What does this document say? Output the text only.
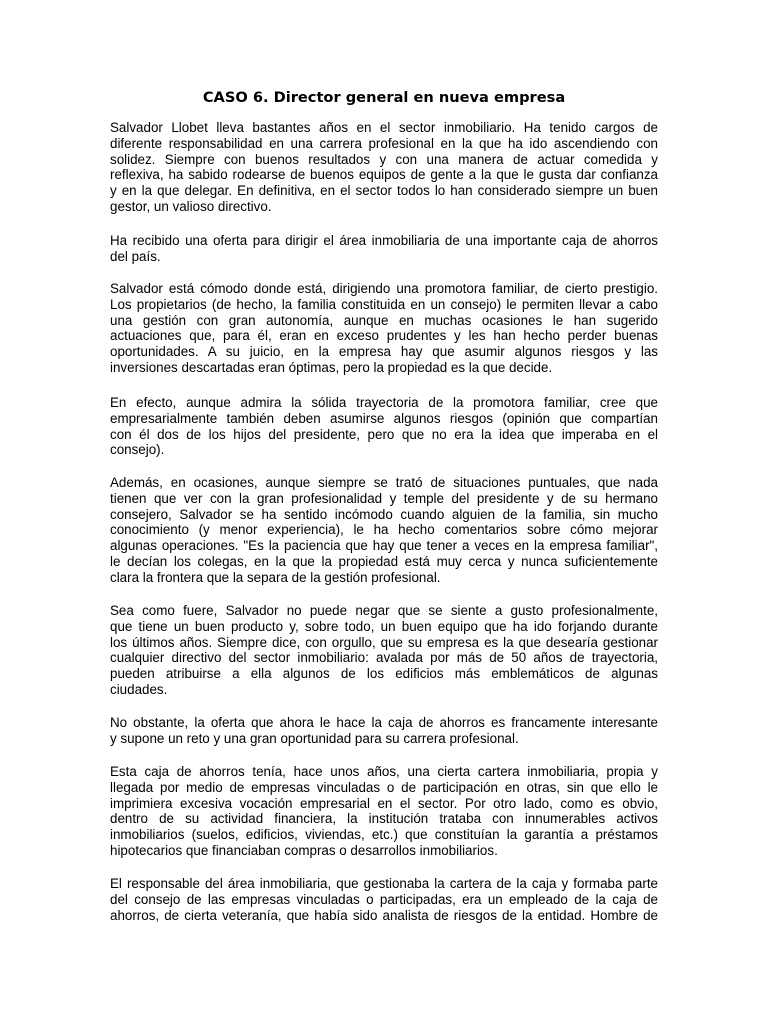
CASO 6. Director general en nueva empresa
Salvador Llobet lleva bastantes años en el sector inmobiliario. Ha tenido cargos de
diferente responsabilidad en una carrera profesional en la que ha ido ascendiendo con
solidez. Siempre con buenos resultados y con una manera de actuar comedida y
reflexiva, ha sabido rodearse de buenos equipos de gente a la que le gusta dar confianza
y en la que delegar. En definitiva, en el sector todos lo han considerado siempre un buen
gestor, un valioso directivo.
Ha recibido una oferta para dirigir el área inmobiliaria de una importante caja de ahorros
del país.
Salvador está cómodo donde está, dirigiendo una promotora familiar, de cierto prestigio.
Los propietarios (de hecho, la familia constituida en un consejo) le permiten llevar a cabo
una gestión con gran autonomía, aunque en muchas ocasiones le han sugerido
actuaciones que, para él, eran en exceso prudentes y les han hecho perder buenas
oportunidades. A su juicio, en la empresa hay que asumir algunos riesgos y las
inversiones descartadas eran óptimas, pero la propiedad es la que decide.
En efecto, aunque admira la sólida trayectoria de la promotora familiar, cree que
empresarialmente también deben asumirse algunos riesgos (opinión que compartían
con él dos de los hijos del presidente, pero que no era la idea que imperaba en el
consejo).
Además, en ocasiones, aunque siempre se trató de situaciones puntuales, que nada
tienen que ver con la gran profesionalidad y temple del presidente y de su hermano
consejero, Salvador se ha sentido incómodo cuando alguien de la familia, sin mucho
conocimiento (y menor experiencia), le ha hecho comentarios sobre cómo mejorar
algunas operaciones. "Es la paciencia que hay que tener a veces en la empresa familiar",
le decían los colegas, en la que la propiedad está muy cerca y nunca suficientemente
clara la frontera que la separa de la gestión profesional.
Sea como fuere, Salvador no puede negar que se siente a gusto profesionalmente,
que tiene un buen producto y, sobre todo, un buen equipo que ha ido forjando durante
los últimos años. Siempre dice, con orgullo, que su empresa es la que desearía gestionar
cualquier directivo del sector inmobiliario: avalada por más de 50 años de trayectoria,
pueden atribuirse a ella algunos de los edificios más emblemáticos de algunas
ciudades.
No obstante, la oferta que ahora le hace la caja de ahorros es francamente interesante
y supone un reto y una gran oportunidad para su carrera profesional.
Esta caja de ahorros tenía, hace unos años, una cierta cartera inmobiliaria, propia y
llegada por medio de empresas vinculadas o de participación en otras, sin que ello le
imprimiera excesiva vocación empresarial en el sector. Por otro lado, como es obvio,
dentro de su actividad financiera, la institución trataba con innumerables activos
inmobiliarios (suelos, edificios, viviendas, etc.) que constituían la garantía a préstamos
hipotecarios que financiaban compras o desarrollos inmobiliarios.
El responsable del área inmobiliaria, que gestionaba la cartera de la caja y formaba parte
del consejo de las empresas vinculadas o participadas, era un empleado de la caja de
ahorros, de cierta veteranía, que había sido analista de riesgos de la entidad. Hombre de
